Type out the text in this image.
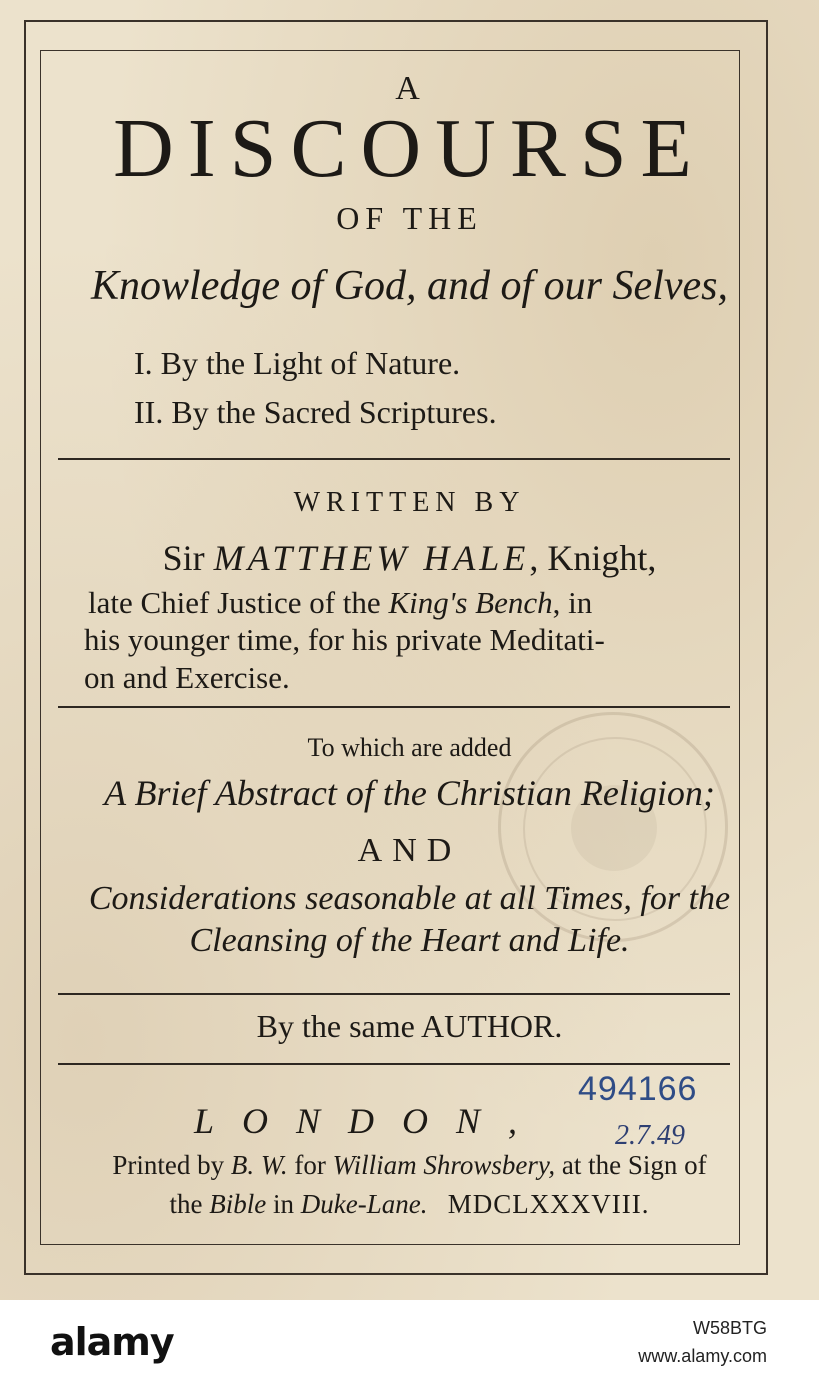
A
DISCOURSE
OF THE
Knowledge of God, and of our Selves,
I. By the Light of Nature.
II. By the Sacred Scriptures.
WRITTEN BY
Sir MATTHEW HALE, Knight,
late Chief Justice of the King's Bench, in
his younger time, for his private Meditati-
on and Exercise.
To which are added
A Brief Abstract of the Christian Religion;
AND
Considerations seasonable at all Times, for the
Cleansing of the Heart and Life.
By the same AUTHOR.
LONDON,
494166
2.7.49
Printed by B. W. for William Shrowsbery, at the Sign of
the Bible in Duke-Lane. MDCLXXXVIII.
alamy	W58BTG
www.alamy.com
